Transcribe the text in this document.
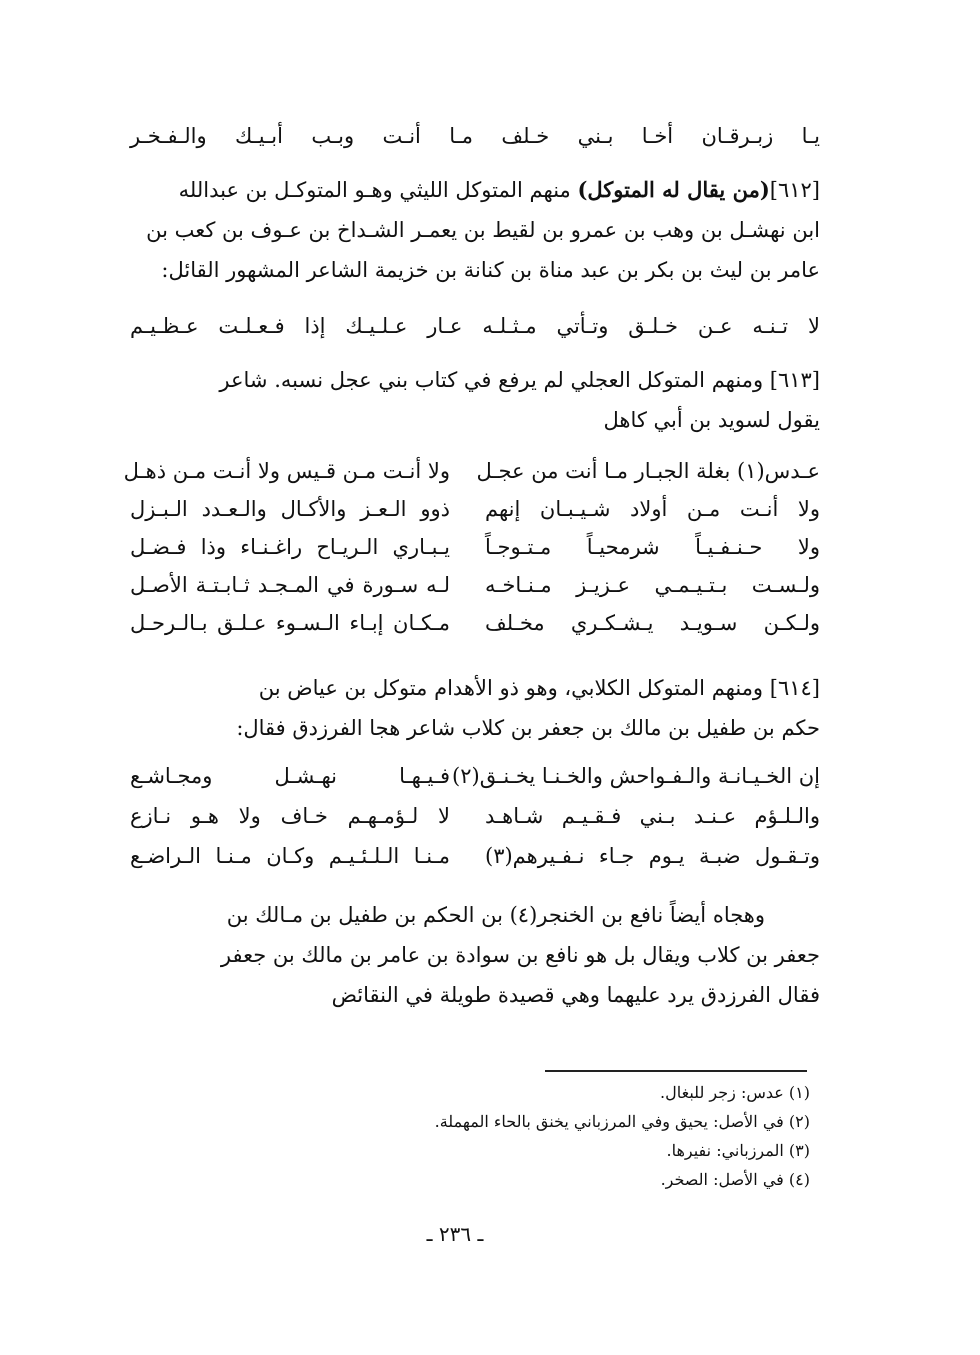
يـا زبـرقـان أخـا بـني خـلف مـا أنـت وبـب أبـيـك والـفـخـر
[٦١٢](من يقال له المتوكل) منهم المتوكل الليثي وهـو المتوكـل بن عبدالله
ابن نهشـل بن وهب بن عمرو بن لقيط بن يعمـر الشـداخ بن عـوف بن كعب بن
عامر بن ليث بن بكر بن عبد مناة بن كنانة بن خزيمة الشاعر المشهور القائل:
لا تـنـه عـن خـلـق وتـأتي مـثـلـه عـار عـلـيـك إذا فـعـلـت عـظـيـم
[٦١٣] ومنهم المتوكل العجلي لم يرفع في كتاب بني عجل نسبه. شاعر
يقول لسويد بن أبي كاهل
عـدس(١) بغلة الجبـار مـا أنت من عجـل
ولا أنـت مـن قـيس ولا أنـت مـن ذهـل
ولا أنـت مـن أولاد شـيـبـان إنهم
ذوو الـعـز والأكـال والـعـدد الـبـزل
ولا حـنـفـيـاً شرمحيـاً مـتـوجـاً
يـبـاري الـريـاح راغـنـاء وذا فـضـل
ولـسـت بـتـيـمـي عـزيـز مـنـاخـه
لـه سـورة في المـجـد ثـابـتـة الأصـل
ولـكـن سـويـد يـشـكـري مخـلف
مـكـان إبـاء الـسـوء عـلـق بـالـرحـل
[٦١٤] ومنهم المتوكل الكلابي، وهو ذو الأهدام متوكل بن عياض بن
حكم بن طفيل بن مالك بن جعفر بن كلاب شاعر هجا الفرزدق فقال:
إن الخـيـانـة والـفـواحش والخـنـا يخـنـق(٢)
فـيـهـا نهـشـل ومجـاشـع
والـلـؤم عـنـد بـني فـقـيـم شـاهـد
لا لـؤمـهـم خـاف ولا هـو نـازع
وتـقـول ضبـة يـوم جـاء نـفـيرهم(٣)
مـنـا الـلـئـيـم وكـان مـنـا الـراضـع
وهجاه أيضاً نافع بن الخنجر(٤) بن الحكم بن طفيل بن مـالك بن
جعفر بن كلاب ويقال بل هو نافع بن سوادة بن عامر بن مالك بن جعفر
فقال الفرزدق يرد عليهما وهي قصيدة طويلة في النقائض
(١) عدس: زجر للبغال.
(٢) في الأصل: يحيق وفي المرزباني يخنق بالحاء المهملة.
(٣) المرزباني: نفيرها.
(٤) في الأصل: الصخر.
ـ ٢٣٦ ـ
